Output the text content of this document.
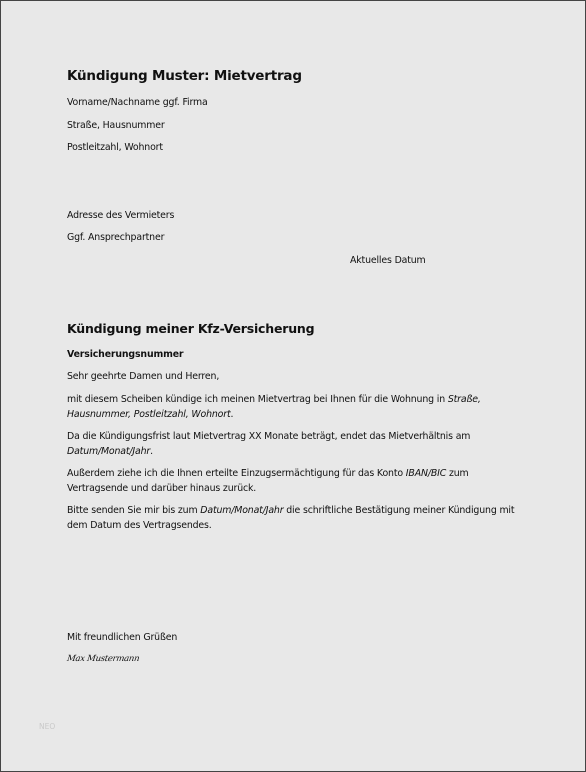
Kündigung Muster: Mietvertrag
Vorname/Nachname ggf. Firma
Straße, Hausnummer
Postleitzahl, Wohnort
Adresse des Vermieters
Ggf. Ansprechpartner
Aktuelles Datum
Kündigung meiner Kfz-Versicherung
Versicherungsnummer
Sehr geehrte Damen und Herren,
mit diesem Scheiben kündige ich meinen Mietvertrag bei Ihnen für die Wohnung in Straße, Hausnummer, Postleitzahl, Wohnort.
Da die Kündigungsfrist laut Mietvertrag XX Monate beträgt, endet das Mietverhältnis am Datum/Monat/Jahr.
Außerdem ziehe ich die Ihnen erteilte Einzugsermächtigung für das Konto IBAN/BIC zum Vertragsende und darüber hinaus zurück.
Bitte senden Sie mir bis zum Datum/Monat/Jahr die schriftliche Bestätigung meiner Kündigung mit dem Datum des Vertragsendes.
Mit freundlichen Grüßen
Max Mustermann
NEO
